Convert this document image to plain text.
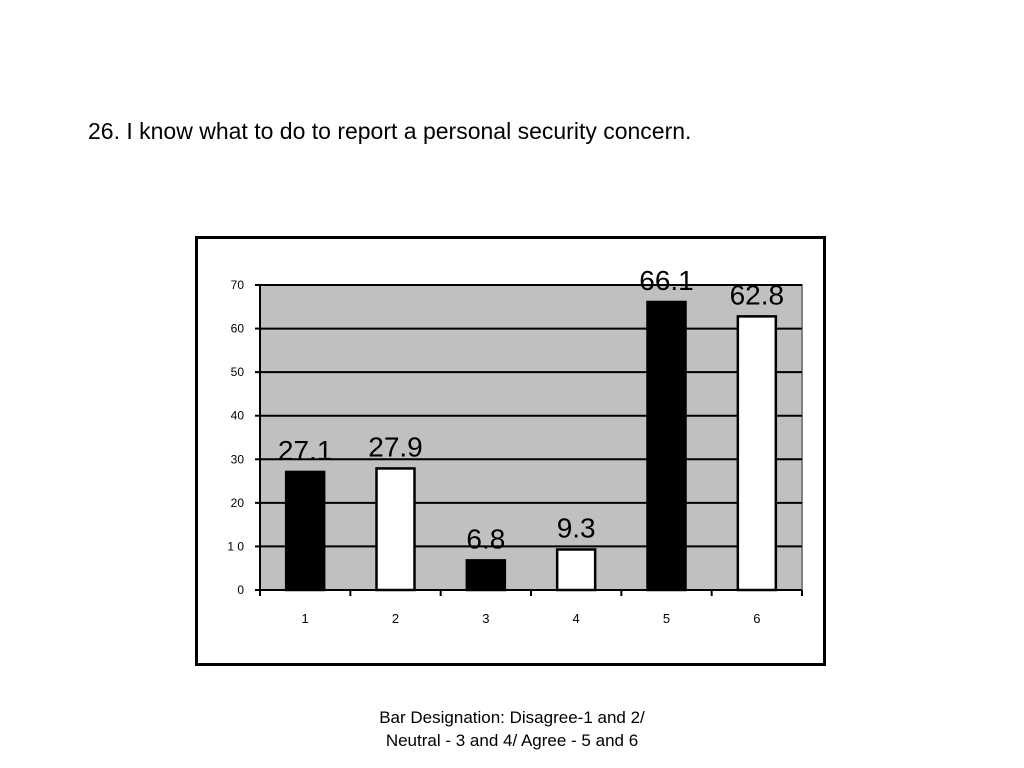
26. I know what to do to report a personal security concern.
0
1 0
20
30
40
50
60
70
27.1
1
27.9
2
6.8
3
9.3
4
66.1
5
62.8
6

Bar Designation: Disagree-1 and 2/ Neutral - 3 and 4/ Agree - 5 and 6
